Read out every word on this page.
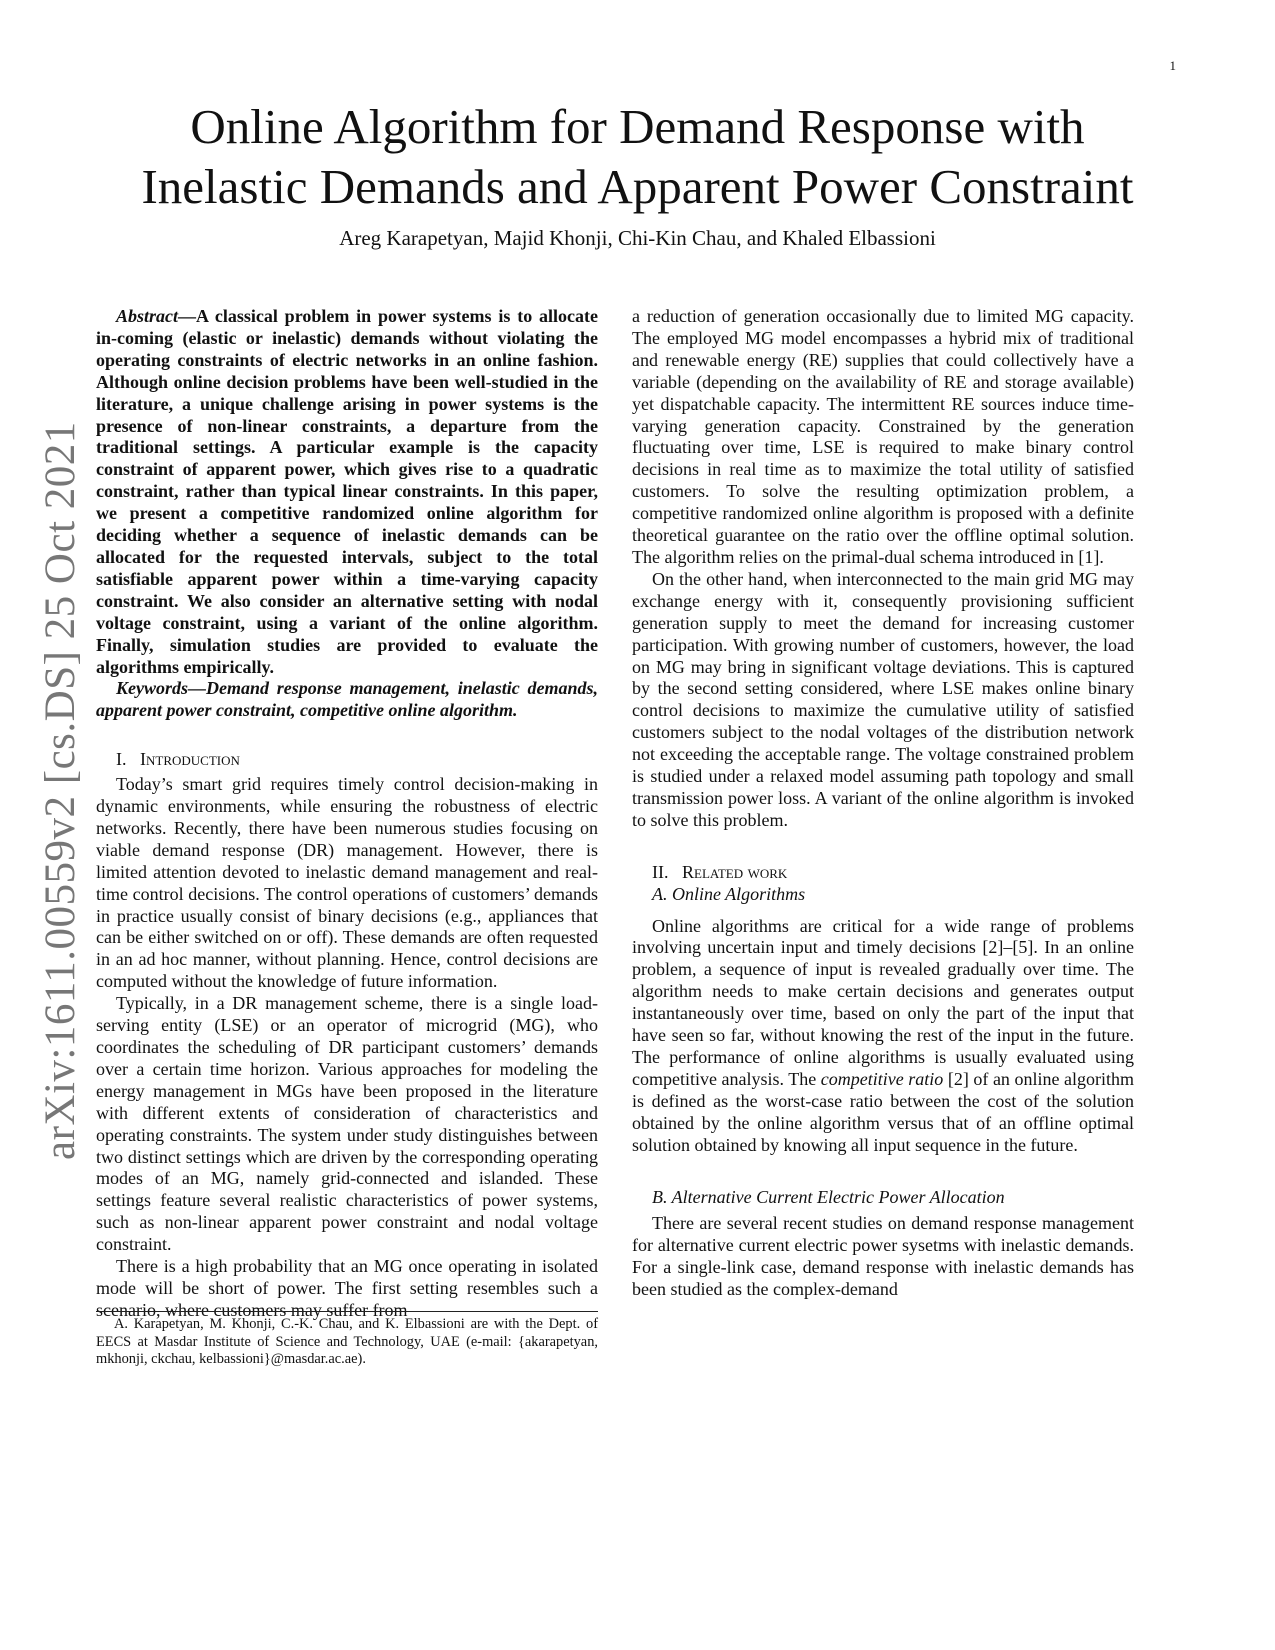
1
arXiv:1611.00559v2 [cs.DS] 25 Oct 2021
Online Algorithm for Demand Response with
Inelastic Demands and Apparent Power Constraint
Areg Karapetyan, Majid Khonji, Chi-Kin Chau, and Khaled Elbassioni

Abstract—A classical problem in power systems is to allocate in-coming (elastic or inelastic) demands without violating the operating constraints of electric networks in an online fashion. Although online decision problems have been well-studied in the literature, a unique challenge arising in power systems is the presence of non-linear constraints, a departure from the traditional settings. A particular example is the capacity constraint of apparent power, which gives rise to a quadratic constraint, rather than typical linear constraints. In this paper, we present a competitive randomized online algorithm for deciding whether a sequence of inelastic demands can be allocated for the requested intervals, subject to the total satisfiable apparent power within a time-varying capacity constraint. We also consider an alternative setting with nodal voltage constraint, using a variant of the online algorithm. Finally, simulation studies are provided to evaluate the algorithms empirically.

Keywords—Demand response management, inelastic demands, apparent power constraint, competitive online algorithm.

I. Introduction

Today’s smart grid requires timely control decision-making in dynamic environments, while ensuring the robustness of electric networks. Recently, there have been numerous studies focusing on viable demand response (DR) management. However, there is limited attention devoted to inelastic demand management and real-time control decisions. The control operations of customers’ demands in practice usually consist of binary decisions (e.g., appliances that can be either switched on or off). These demands are often requested in an ad hoc manner, without planning. Hence, control decisions are computed without the knowledge of future information.

Typically, in a DR management scheme, there is a single load-serving entity (LSE) or an operator of microgrid (MG), who coordinates the scheduling of DR participant customers’ demands over a certain time horizon. Various approaches for modeling the energy management in MGs have been proposed in the literature with different extents of consideration of characteristics and operating constraints. The system under study distinguishes between two distinct settings which are driven by the corresponding operating modes of an MG, namely grid-connected and islanded. These settings feature several realistic characteristics of power systems, such as non-linear apparent power constraint and nodal voltage constraint.

There is a high probability that an MG once operating in isolated mode will be short of power. The first setting resembles such a scenario, where customers may suffer from

a reduction of generation occasionally due to limited MG capacity. The employed MG model encompasses a hybrid mix of traditional and renewable energy (RE) supplies that could collectively have a variable (depending on the availability of RE and storage available) yet dispatchable capacity. The intermittent RE sources induce time-varying generation capacity. Constrained by the generation fluctuating over time, LSE is required to make binary control decisions in real time as to maximize the total utility of satisfied customers. To solve the resulting optimization problem, a competitive randomized online algorithm is proposed with a definite theoretical guarantee on the ratio over the offline optimal solution. The algorithm relies on the primal-dual schema introduced in [1].

On the other hand, when interconnected to the main grid MG may exchange energy with it, consequently provisioning sufficient generation supply to meet the demand for increasing customer participation. With growing number of customers, however, the load on MG may bring in significant voltage deviations. This is captured by the second setting considered, where LSE makes online binary control decisions to maximize the cumulative utility of satisfied customers subject to the nodal voltages of the distribution network not exceeding the acceptable range. The voltage constrained problem is studied under a relaxed model assuming path topology and small transmission power loss. A variant of the online algorithm is invoked to solve this problem.

II. Related work

A. Online Algorithms

Online algorithms are critical for a wide range of problems involving uncertain input and timely decisions [2]–[5]. In an online problem, a sequence of input is revealed gradually over time. The algorithm needs to make certain decisions and generates output instantaneously over time, based on only the part of the input that have seen so far, without knowing the rest of the input in the future. The performance of online algorithms is usually evaluated using competitive analysis. The competitive ratio [2] of an online algorithm is defined as the worst-case ratio between the cost of the solution obtained by the online algorithm versus that of an offline optimal solution obtained by knowing all input sequence in the future.

B. Alternative Current Electric Power Allocation

There are several recent studies on demand response management for alternative current electric power sysetms with inelastic demands. For a single-link case, demand response with inelastic demands has been studied as the complex-demand

A. Karapetyan, M. Khonji, C.-K. Chau, and K. Elbassioni are with the Dept. of EECS at Masdar Institute of Science and Technology, UAE (e-mail: {akarapetyan, mkhonji, ckchau, kelbassioni}@masdar.ac.ae).
